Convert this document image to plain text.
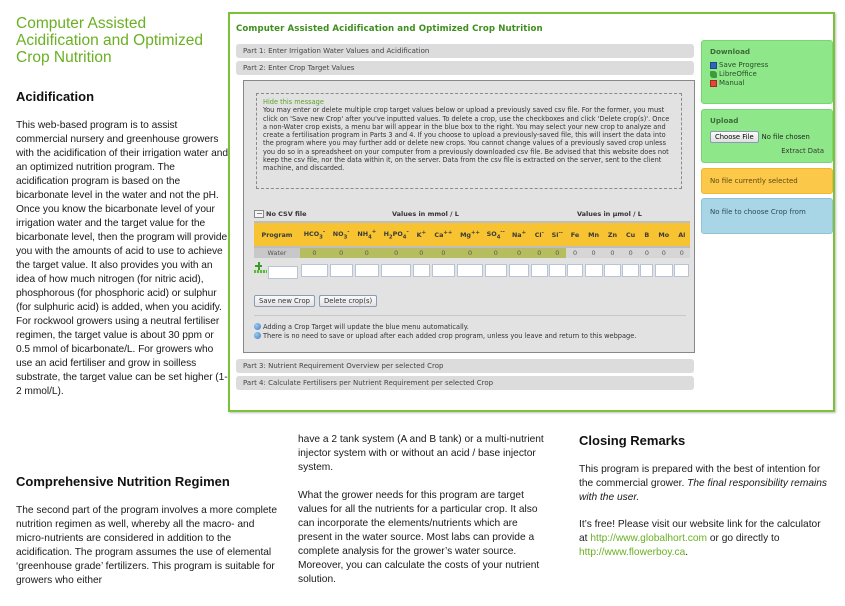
Computer Assisted Acidification and Optimized Crop Nutrition
Acidification

This web-based program is to assist commercial nursery and greenhouse growers with the acidification of their irrigation water and an optimized nutrition program. The acidification program is based on the bicarbonate level in the water and not the pH. Once you know the bicarbonate level of your irrigation water and the target value for the bicarbonate level, then the program will provide you with the amounts of acid to use to achieve the target value. It also provides you with an idea of how much nitrogen (for nitric acid), phosphorous (for phosphoric acid) or sulphur (for sulphuric acid) is added, when you acidify. For rockwool growers using a neutral fertiliser regimen, the target value is about 30 ppm or 0.5 mmol of bicarbonate/L. For growers who use an acid fertiliser and grow in soilless substrate, the target value can be set higher (1-2 mmol/L).

Comprehensive Nutrition Regimen

The second part of the program involves a more complete nutrition regimen as well, whereby all the macro- and micro-nutrients are considered in addition to the acidification. The program assumes the use of elemental ‘greenhouse grade’ fertilizers. This program is suitable for growers who either

have a 2 tank system (A and B tank) or a multi-nutrient injector system with or without an acid / base injector system.

What the grower needs for this program are target values for all the nutrients for a particular crop. It also can incorporate the elements/nutrients which are present in the water source. Most labs can provide a complete analysis for the grower’s water source. Moreover, you can calculate the costs of your nutrient solution.

Closing Remarks

This program is prepared with the best of intention for the commercial grower. The final responsibility remains with the user.

It’s free! Please visit our website link for the calculator at http://www.globalhort.com or go directly to http://www.flowerboy.ca.

Computer Assisted Acidification and Optimized Crop Nutrition
Part 1: Enter Irrigation Water Values and Acidification
Part 2: Enter Crop Target Values
Hide this message
You may enter or delete multiple crop target values below or upload a previously saved csv file. For the former, you must click on 'Save new Crop' after you've inputted values. To delete a crop, use the checkboxes and click 'Delete crop(s)'. Once a non-Water crop exists, a menu bar will appear in the blue box to the right. You may select your new crop to analyze and create a fertilisation program in Parts 3 and 4. If you choose to upload a previously-saved file, this will insert the data into the program where you may further add or delete new crops. You cannot change values of a previously saved crop unless you do so in a spreadsheet on your computer from a previously downloaded csv file. Be advised that this website does not keep the csv file, nor the data within it, on the server. Data from the csv file is extracted on the server, sent to the client machine, and discarded.
No CSV file	Values in mmol / L	Values in µmol / L
Program	$HCO_3^-$	$NO_3^-$	$NH_4^+$	$H_2PO_4^-$	K+	Ca++	Mg++	$SO_4^{--}$	Na+	Cl-	Si--	Fe	Mn	Zn	Cu	B	Mo	Al
Water	0	0	0	0	0	0	0	0	0	0	0	0	0	0	0	0	0	0

Save new Crop	Delete crop(s)
Adding a Crop Target will update the blue menu automatically.
There is no need to save or upload after each added crop program, unless you leave and return to this webpage.
Part 3: Nutrient Requirement Overview per selected Crop
Part 4: Calculate Fertilisers per Nutrient Requirement per selected Crop
Download
Save Progress
LibreOffice
Manual
Upload
Choose File	No file chosen
Extract Data
No file currently selected
No file to choose Crop from
